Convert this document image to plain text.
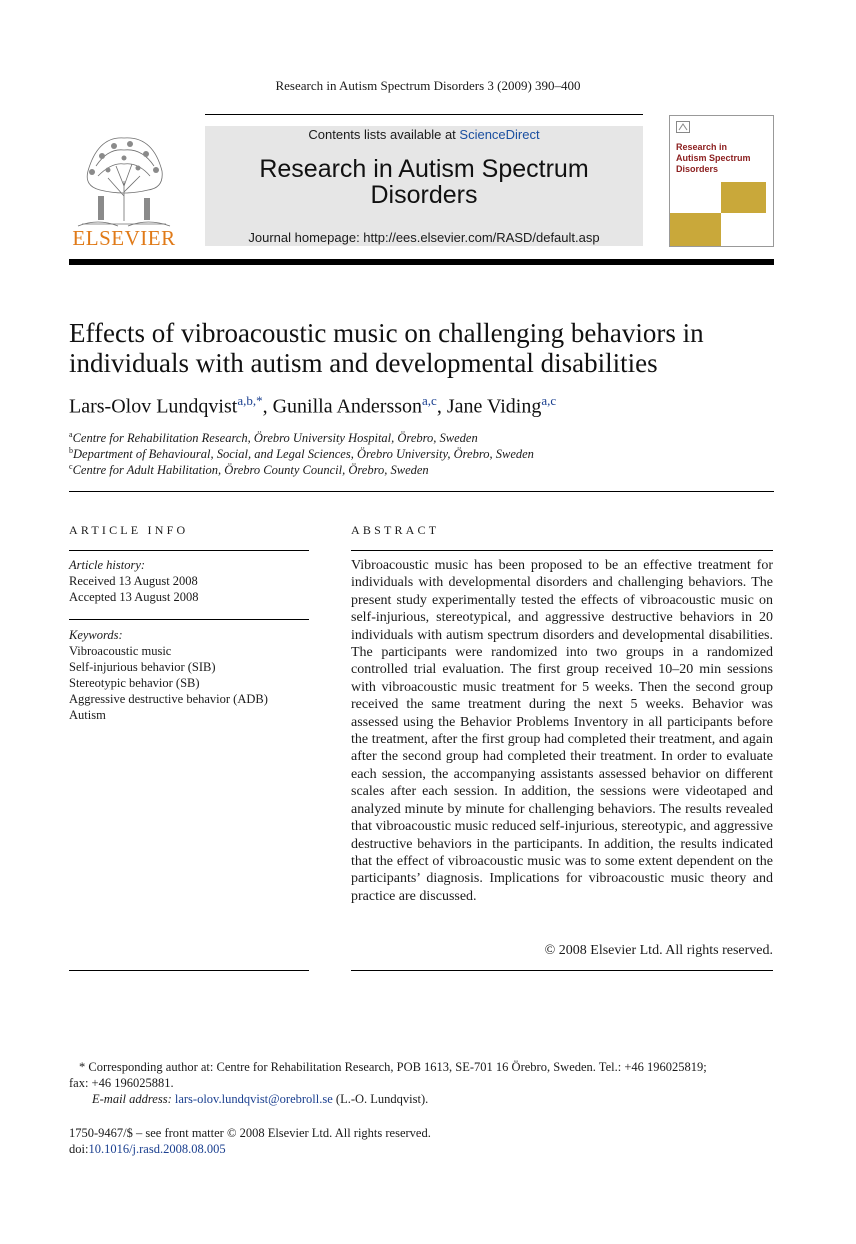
Research in Autism Spectrum Disorders 3 (2009) 390–400
ELSEVIER
Contents lists available at ScienceDirect
Research in Autism Spectrum Disorders
Journal homepage: http://ees.elsevier.com/RASD/default.asp
Research in
Autism Spectrum
Disorders
Effects of vibroacoustic music on challenging behaviors in
individuals with autism and developmental disabilities
Lars-Olov Lundqvist$^{a,b,*}$, Gunilla Andersson$^{a,c}$, Jane Viding$^{a,c}$
$^a$Centre for Rehabilitation Research, Örebro University Hospital, Örebro, Sweden
$^b$Department of Behavioural, Social, and Legal Sciences, Örebro University, Örebro, Sweden
$^c$Centre for Adult Habilitation, Örebro County Council, Örebro, Sweden
ARTICLE INFO
Article history:
Received 13 August 2008
Accepted 13 August 2008
Keywords:
Vibroacoustic music
Self-injurious behavior (SIB)
Stereotypic behavior (SB)
Aggressive destructive behavior (ADB)
Autism
ABSTRACT
Vibroacoustic music has been proposed to be an effective treatment for individuals with developmental disorders and challenging behaviors. The present study experimentally tested the effects of vibroacoustic music on self-injurious, stereotypical, and aggressive destructive behaviors in 20 individuals with autism spectrum disorders and developmental disabilities. The participants were randomized into two groups in a randomized controlled trial evaluation. The first group received 10–20 min sessions with vibroacoustic music treatment for 5 weeks. Then the second group received the same treatment during the next 5 weeks. Behavior was assessed using the Behavior Problems Inventory in all participants before the treatment, after the first group had completed their treatment, and again after the second group had completed their treatment. In order to evaluate each session, the accompanying assistants assessed behavior on different scales after each session. In addition, the sessions were videotaped and analyzed minute by minute for challenging behaviors. The results revealed that vibroacoustic music reduced self-injurious, stereotypic, and aggressive destructive behaviors in the participants. In addition, the results indicated that the effect of vibroacoustic music was to some extent dependent on the participants’ diagnosis. Implications for vibroacoustic music theory and practice are discussed.
© 2008 Elsevier Ltd. All rights reserved.
* Corresponding author at: Centre for Rehabilitation Research, POB 1613, SE-701 16 Örebro, Sweden. Tel.: +46 196025819;
fax: +46 196025881.
E-mail address: lars-olov.lundqvist@orebroll.se (L.-O. Lundqvist).
1750-9467/$ – see front matter © 2008 Elsevier Ltd. All rights reserved.
doi:10.1016/j.rasd.2008.08.005
